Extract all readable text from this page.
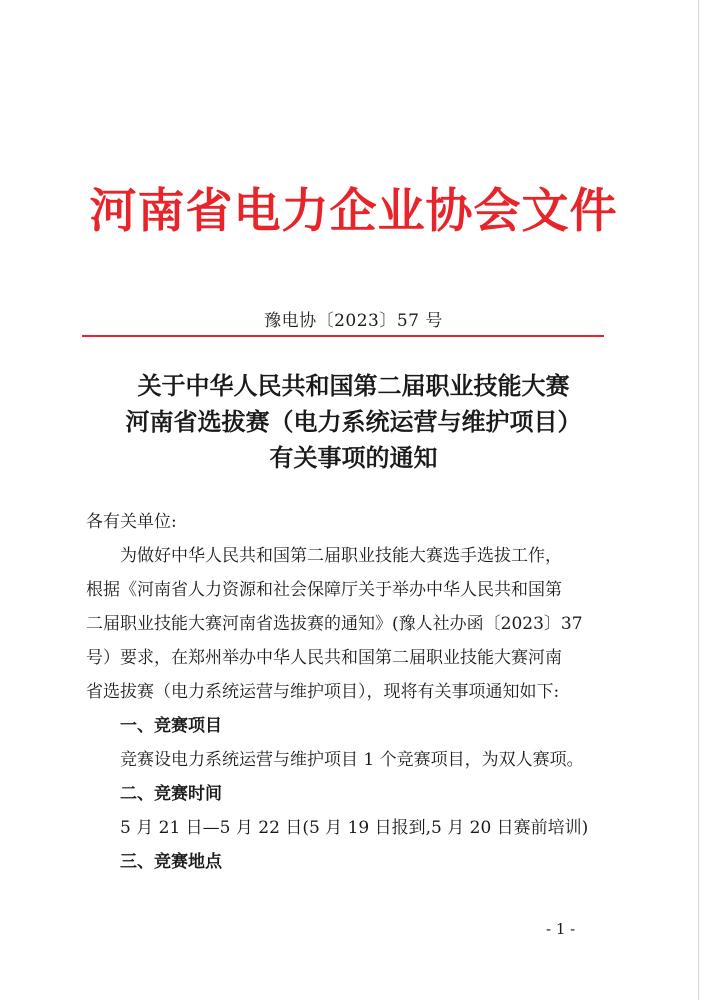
河南省电力企业协会文件
豫电协〔2023〕57 号
关于中华人民共和国第二届职业技能大赛
河南省选拔赛（电力系统运营与维护项目）
有关事项的通知

各有关单位:

为做好中华人民共和国第二届职业技能大赛选手选拔工作，

根据《河南省人力资源和社会保障厅关于举办中华人民共和国第

二届职业技能大赛河南省选拔赛的通知》(豫人社办函〔2023〕37

号）要求，在郑州举办中华人民共和国第二届职业技能大赛河南

省选拔赛（电力系统运营与维护项目），现将有关事项通知如下:

一、竞赛项目

竞赛设电力系统运营与维护项目 1 个竞赛项目，为双人赛项。

二、竞赛时间

5 月 21 日—5 月 22 日(5 月 19 日报到,5 月 20 日赛前培训)

三、竞赛地点

- 1 -
